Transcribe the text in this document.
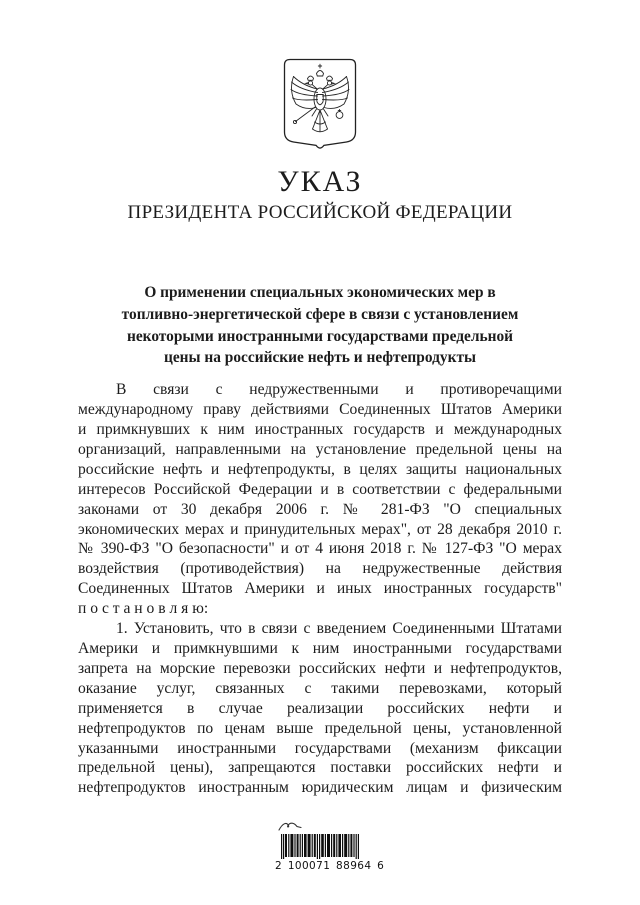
УКАЗ
ПРЕЗИДЕНТА РОССИЙСКОЙ ФЕДЕРАЦИИ
О применении специальных экономических мер в
топливно-энергетической сфере в связи с установлением
некоторыми иностранными государствами предельной
цены на российские нефть и нефтепродукты
В связи с недружественными и противоречащими
международному праву действиями Соединенных Штатов Америки
и примкнувших к ним иностранных государств и международных
организаций, направленными на установление предельной цены на
российские нефть и нефтепродукты, в целях защиты национальных
интересов Российской Федерации и в соответствии с федеральными
законами от 30 декабря 2006 г. № 281-ФЗ "О специальных
экономических мерах и принудительных мерах", от 28 декабря 2010 г.
№ 390-ФЗ "О безопасности" и от 4 июня 2018 г. № 127-ФЗ "О мерах
воздействия (противодействия) на недружественные действия
Соединенных Штатов Америки и иных иностранных государств"
п о с т а н о в л я ю:
1. Установить, что в связи с введением Соединенными Штатами
Америки и примкнувшими к ним иностранными государствами
запрета на морские перевозки российских нефти и нефтепродуктов,
оказание услуг, связанных с такими перевозками, который
применяется в случае реализации российских нефти и
нефтепродуктов по ценам выше предельной цены, установленной
указанными иностранными государствами (механизм фиксации
предельной цены), запрещаются поставки российских нефти и
нефтепродуктов иностранным юридическим лицам и физическим
2 100071 88964 6
